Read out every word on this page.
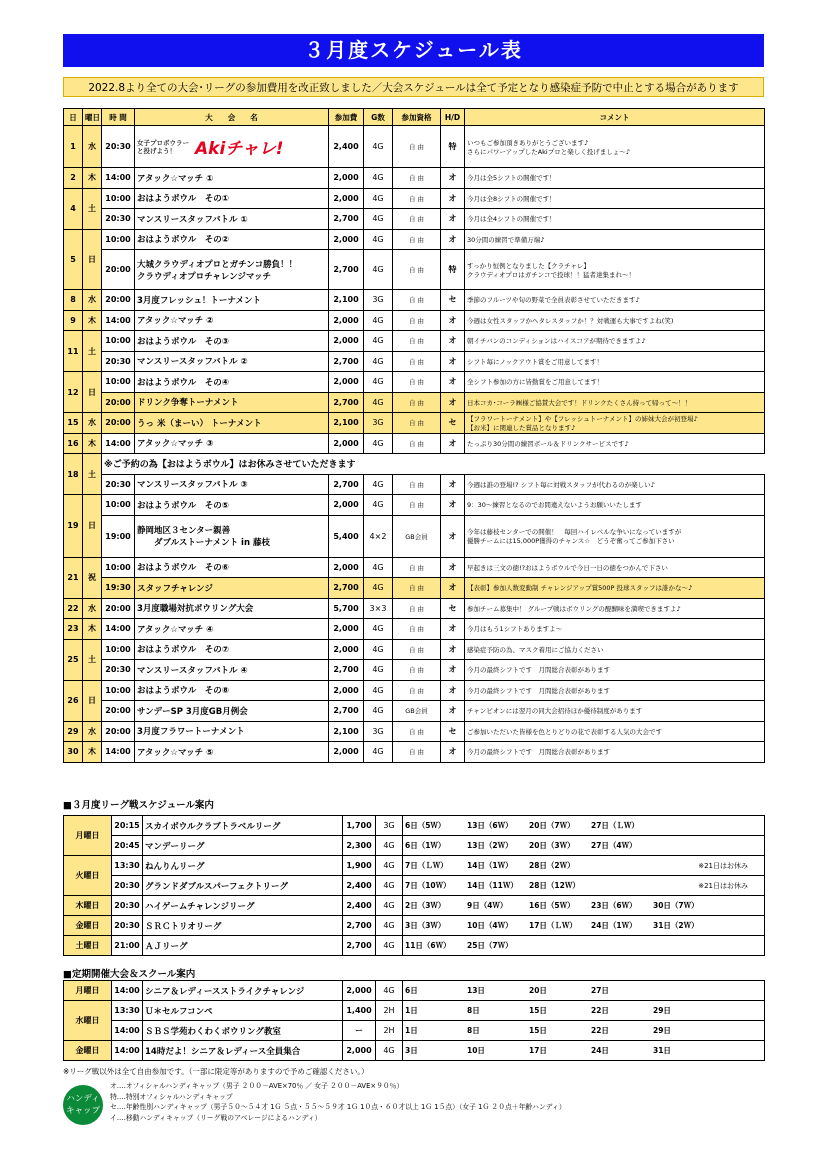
３月度スケジュール表
2022.8より全ての大会･リーグの参加費用を改正致しました／大会スケジュールは全て予定となり感染症予防で中止とする場合があります
日	曜日	時 間	大　　会　　名	参加費	G数	参加資格	H/D	コメント
1	水	20:30	女子プロボウラー
と投げよう！ Akiチャレ!	2,400	4G	自 由	特	いつもご参加頂きありがとうございます♪
さらにパワーアップしたAkiプロと楽しく投げましょ～♪
2	木	14:00	アタック☆マッチ ①	2,000	4G	自 由	オ	今月は全5シフトの開催です！
4	土	10:00	おはようボウル　その①	2,000	4G	自 由	オ	今月は全8シフトの開催です！
		20:30	マンスリースタッフバトル ①	2,700	4G	自 由	オ	今月は全4シフトの開催です！
5	日	10:00	おはようボウル　その②	2,000	4G	自 由	オ	30分間の練習で準備万端♪
		20:00	大城クラウディオプロとガチンコ勝負！！
クラウディオプロチャレンジマッチ	2,700	4G	自 由	特	すっかり恒例となりました【クラチャレ】
クラウディオプロはガチンコで投球！！猛者達集まれ～！
8	水	20:00	3月度フレッシュ！トーナメント	2,100	3G	自 由	セ	季節のフルーツや旬の野菜で全員表彰させていただきます♪
9	木	14:00	アタック☆マッチ ②	2,000	4G	自 由	オ	今週は女性スタッフかヘタレスタッフか！？対戦運も大事ですよね(笑)
11	土	10:00	おはようボウル　その③	2,000	4G	自 由	オ	朝イチバンのコンディションはハイスコアが期待できますよ♪
		20:30	マンスリースタッフバトル ②	2,700	4G	自 由	オ	シフト毎にノックアウト賞をご用意してます！
12	日	10:00	おはようボウル　その④	2,000	4G	自 由	オ	全シフト参加の方に皆勤賞をご用意してます！
		20:00	ドリンク争奪トーナメント	2,700	4G	自 由	オ	日本コカ･コーラ㈱様ご協賛大会です！ドリンクたくさん持って帰って～！！
15	水	20:00	うっ 米（まーい） トーナメント	2,100	3G	自 由	セ	【フラワートーナメント】や【フレッシュトーナメント】の姉妹大会が初登場♪
【お米】に関連した賞品となります♪
16	木	14:00	アタック☆マッチ ③	2,000	4G	自 由	オ	たっぷり30分間の練習ボール＆ドリンクサービスです♪
18	土	※ご予約の為【おはようボウル】はお休みさせていただきます						
		20:30	マンスリースタッフバトル ③	2,700	4G	自 由	オ	今週は誰の登場!? シフト毎に対戦スタッフが代わるのが楽しい♪
19	日	10:00	おはようボウル　その⑤	2,000	4G	自 由	オ	9：30～練習となるのでお間違えないようお願いいたします
		19:00	静岡地区３センター親善
　　ダブルストーナメント in 藤枝	5,400	4×2	GB会員	オ	今年は藤枝センターでの開催！　毎回ハイレベルな争いになっていますが
優勝チームには15,000P獲得のチャンス☆　どうぞ奮ってご参加下さい
21	祝	10:00	おはようボウル　その⑥	2,000	4G	自 由	オ	早起きは三文の徳!?おはようボウルで今日一日の徳をつかんで下さい
		19:30	スタッフチャレンジ	2,700	4G	自 由	オ	【表彰】参加人数変動制 チャレンジアップ賞500P 投球スタッフは誰かな～♪
22	水	20:00	3月度職場対抗ボウリング大会	5,700	3×3	自 由	セ	参加チーム募集中！ グループ戦はボウリングの醍醐味を満喫できますよ♪
23	木	14:00	アタック☆マッチ ④	2,000	4G	自 由	オ	今月はもう1シフトありますよ～
25	土	10:00	おはようボウル　その⑦	2,000	4G	自 由	オ	感染症予防の為、マスク着用にご協力ください
		20:30	マンスリースタッフバトル ④	2,700	4G	自 由	オ	今月の最終シフトです　月間総合表彰があります
26	日	10:00	おはようボウル　その⑧	2,000	4G	自 由	オ	今月の最終シフトです　月間総合表彰があります
		20:00	サンデーSP 3月度GB月例会	2,700	4G	GB会員	オ	チャンピオンには翌月の同大会招待ほか優待制度があります
29	水	20:00	3月度フラワートーナメント	2,100	3G	自 由	セ	ご参加いただいた皆様を色とりどりの花で表彰する人気の大会です
30	木	14:00	アタック☆マッチ ⑤	2,000	4G	自 由	オ	今月の最終シフトです　月間総合表彰があります
■３月度リーグ戦スケジュール案内
月曜日	20:15	スカイボウルクラブトラベルリーグ	1,700	3G	6日（5Ｗ） 13日（6Ｗ） 20日（7Ｗ） 27日（ＬＷ）

	20:45	マンデーリーグ	2,300	4G	6日（1Ｗ） 13日（2Ｗ） 20日（3Ｗ） 27日（4Ｗ）

火曜日	13:30	ねんりんリーグ	1,900	4G	7日（ＬＷ） 14日（1Ｗ） 28日（2Ｗ） ※21日はお休み

	20:30	グランドダブルスパーフェクトリーグ	2,400	4G	7日（10Ｗ） 14日（11Ｗ） 28日（12Ｗ） ※21日はお休み

木曜日	20:30	ハイゲームチャレンジリーグ	2,400	4G	2日（3Ｗ） 9日（4Ｗ） 16日（5Ｗ） 23日（6Ｗ） 30日（7Ｗ）

金曜日	20:30	ＳＲＣトリオリーグ	2,700	4G	3日（3Ｗ） 10日（4Ｗ） 17日（ＬＷ） 24日（1Ｗ） 31日（2Ｗ）

土曜日	21:00	ＡＪリーグ	2,700	4G	11日（6Ｗ） 25日（7Ｗ）
■定期開催大会＆スクール案内
月曜日	14:00	シニア＆レディースストライクチャレンジ	2,000	4G	6日 13日 20日 27日

水曜日	13:30	Ｕ＊セルフコンペ	1,400	2H	1日 8日 15日 22日 29日

	14:00	ＳＢＳ学苑わくわくボウリング教室	ー	2H	1日 8日 15日 22日 29日

金曜日	14:00	14時だよ！シニア＆レディース全員集合	2,000	4G	3日 10日 17日 24日 31日
※リーグ戦以外は全て自由参加です。（一部に限定等がありますので予めご確認ください。）
ハンディ
キャップ
オ‥‥オフィシャルハンディキャップ（男子 ２００－AVE×70％ ／ 女子 ２００－AVE×９０％）
特‥‥特別オフィシャルハンディキャップ
セ‥‥年齢性別ハンディキャップ（男子５０～５４才 1Ｇ ５点・５５～５９才 1Ｇ 1０点・６０才以上 1Ｇ 1５点）（女子 1Ｇ ２０点＋年齢ハンディ）
イ‥‥移動ハンディキャップ（リーグ戦のアベレージによるハンディ）
